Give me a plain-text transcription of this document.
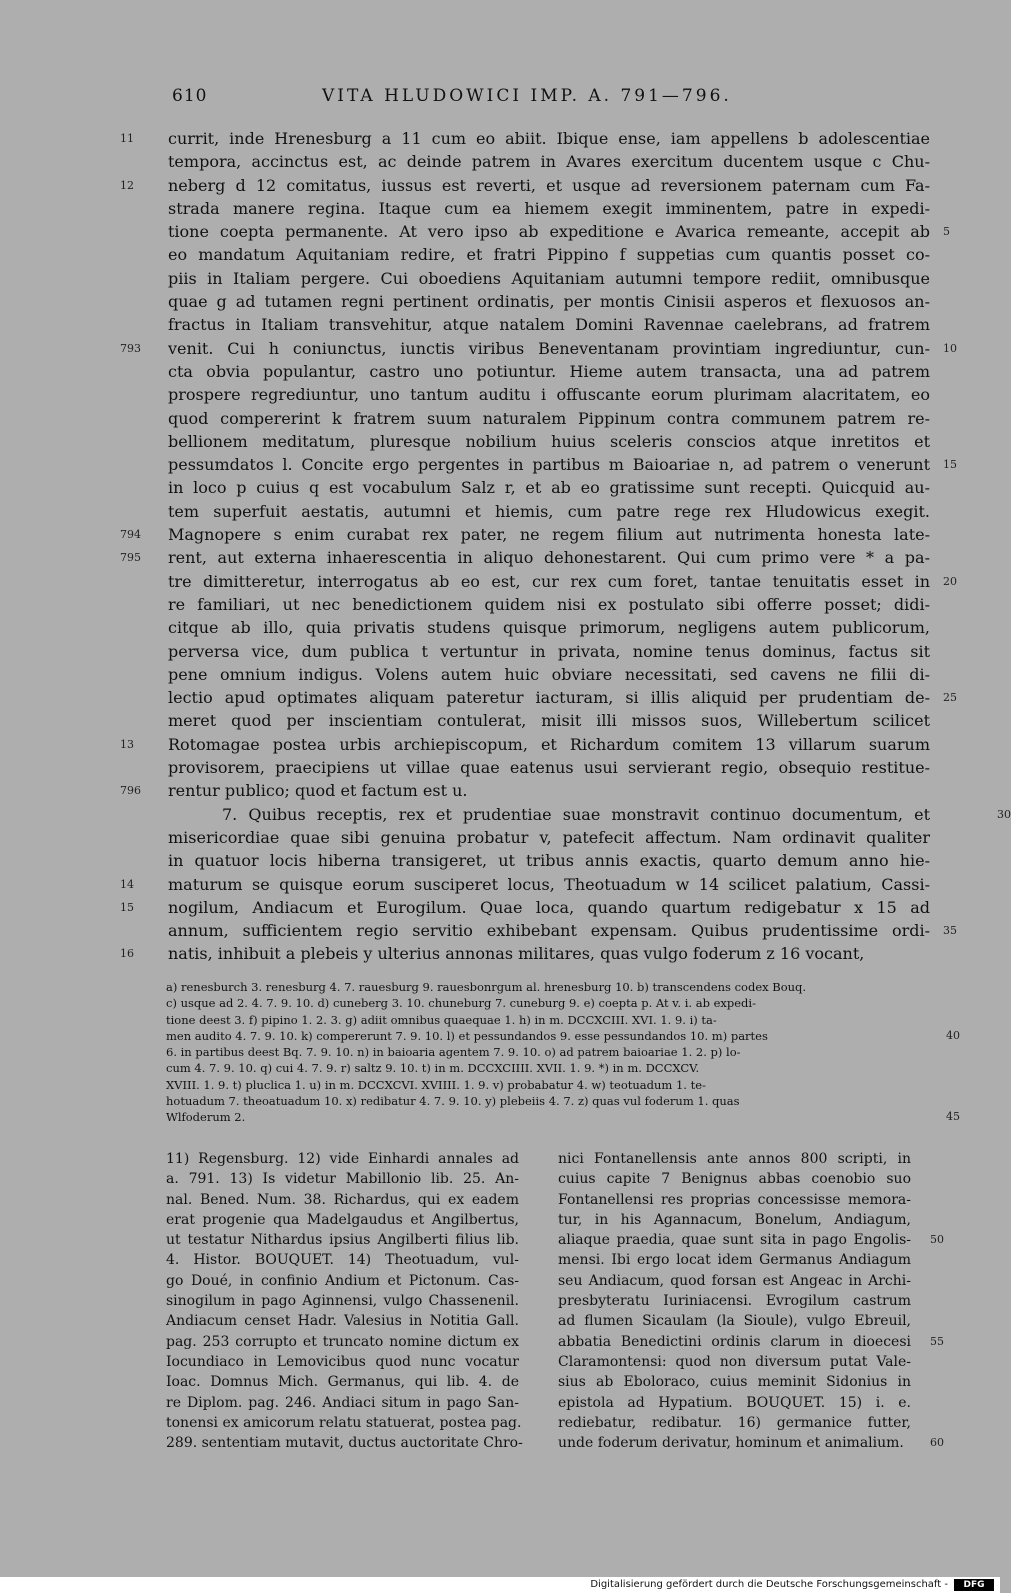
610	VITA HLUDOWICI IMP. A. 791—796.
currit, inde Hrenesburg a 11 cum eo abiit. Ibique ense, iam appellens b adolescentiae
11
tempora, accinctus est, ac deinde patrem in Avares exercitum ducentem usque c Chu-
neberg d 12 comitatus, iussus est reverti, et usque ad reversionem paternam cum Fa-
12
strada manere regina. Itaque cum ea hiemem exegit imminentem, patre in expedi-
tione coepta permanente. At vero ipso ab expeditione e Avarica remeante, accepit ab 5
eo mandatum Aquitaniam redire, et fratri Pippino f suppetias cum quantis posset co-
piis in Italiam pergere. Cui oboediens Aquitaniam autumni tempore rediit, omnibusque
quae g ad tutamen regni pertinent ordinatis, per montis Cinisii asperos et flexuosos an-
fractus in Italiam transvehitur, atque natalem Domini Ravennae caelebrans, ad fratrem
venit. Cui h coniunctus, iunctis viribus Beneventanam provintiam ingrediuntur, cun-
793	10
cta obvia populantur, castro uno potiuntur. Hieme autem transacta, una ad patrem
prospere regrediuntur, uno tantum auditu i offuscante eorum plurimam alacritatem, eo
quod compererint k fratrem suum naturalem Pippinum contra communem patrem re-
bellionem meditatum, pluresque nobilium huius sceleris conscios atque inretitos et
pessumdatos l. Concite ergo pergentes in partibus m Baioariae n, ad patrem o venerunt 15
in loco p cuius q est vocabulum Salz r, et ab eo gratissime sunt recepti. Quicquid au-
tem superfuit aestatis, autumni et hiemis, cum patre rege rex Hludowicus exegit.
Magnopere s enim curabat rex pater, ne regem filium aut nutrimenta honesta late-
794
rent, aut externa inhaerescentia in aliquo dehonestarent. Qui cum primo vere * a pa-
795
tre dimitteretur, interrogatus ab eo est, cur rex cum foret, tantae tenuitatis esset in 20
re familiari, ut nec benedictionem quidem nisi ex postulato sibi offerre posset; didi-
citque ab illo, quia privatis studens quisque primorum, negligens autem publicorum,
perversa vice, dum publica t vertuntur in privata, nomine tenus dominus, factus sit
pene omnium indigus. Volens autem huic obviare necessitati, sed cavens ne filii di-
lectio apud optimates aliquam pateretur iacturam, si illis aliquid per prudentiam de- 25
meret quod per inscientiam contulerat, misit illi missos suos, Willebertum scilicet
Rotomagae postea urbis archiepiscopum, et Richardum comitem 13 villarum suarum
13
provisorem, praecipiens ut villae quae eatenus usui servierant regio, obsequio restitue-
rentur publico; quod et factum est u.
796
7. Quibus receptis, rex et prudentiae suae monstravit continuo documentum, et	30
misericordiae quae sibi genuina probatur v, patefecit affectum. Nam ordinavit qualiter
in quatuor locis hiberna transigeret, ut tribus annis exactis, quarto demum anno hie-
maturum se quisque eorum susciperet locus, Theotuadum w 14 scilicet palatium, Cassi-
14
nogilum, Andiacum et Eurogilum. Quae loca, quando quartum redigebatur x 15 ad
15
annum, sufficientem regio servitio exhibebant expensam. Quibus prudentissime ordi- 35
natis, inhibuit a plebeis y ulterius annonas militares, quas vulgo foderum z 16 vocant,
16
a) renesburch 3. renesburg 4. 7. rauesburg 9. rauesbonrgum al. hrenesburg 10. b) transcendens codex Bouq.
c) usque ad 2. 4. 7. 9. 10. d) cuneberg 3. 10. chuneburg 7. cuneburg 9. e) coepta p. At v. i. ab expedi-
tione deest 3. f) pipino 1. 2. 3. g) adiit omnibus quaequae 1. h) in m. DCCXCIII. XVI. 1. 9. i) ta-
men audito 4. 7. 9. 10. k) compererunt 7. 9. 10. l) et pessundandos 9. esse pessundandos 10. m) partes	40
6. in partibus deest Bq. 7. 9. 10. n) in baioaria agentem 7. 9. 10. o) ad patrem baioariae 1. 2. p) lo-
cum 4. 7. 9. 10. q) cui 4. 7. 9. r) saltz 9. 10. t) in m. DCCXCIIII. XVII. 1. 9. *) in m. DCCXCV.
XVIII. 1. 9. t) pluclica 1. u) in m. DCCXCVI. XVIIII. 1. 9. v) probabatur 4. w) teotuadum 1. te-
hotuadum 7. theoatuadum 10. x) redibatur 4. 7. 9. 10. y) plebeiis 4. 7. z) quas vul foderum 1. quas
Wlfoderum 2.	45
11) Regensburg. 12) vide Einhardi annales ad
a. 791. 13) Is videtur Mabillonio lib. 25. An-
nal. Bened. Num. 38. Richardus, qui ex eadem
erat progenie qua Madelgaudus et Angilbertus,
ut testatur Nithardus ipsius Angilberti filius lib.
4. Histor. BOUQUET. 14) Theotuadum, vul-
go Doué, in confinio Andium et Pictonum. Cas-
sinogilum in pago Aginnensi, vulgo Chassenenil.
Andiacum censet Hadr. Valesius in Notitia Gall.
pag. 253 corrupto et truncato nomine dictum ex
Iocundiaco in Lemovicibus quod nunc vocatur
Ioac. Domnus Mich. Germanus, qui lib. 4. de
re Diplom. pag. 246. Andiaci situm in pago San-
tonensi ex amicorum relatu statuerat, postea pag.
289. sententiam mutavit, ductus auctoritate Chro-
nici Fontanellensis ante annos 800 scripti, in
cuius capite 7 Benignus abbas coenobio suo
Fontanellensi res proprias concessisse memora-
tur, in his Agannacum, Bonelum, Andiagum,
aliaque praedia, quae sunt sita in pago Engolis- 50
mensi. Ibi ergo locat idem Germanus Andiagum
seu Andiacum, quod forsan est Angeac in Archi-
presbyteratu Iuriniacensi. Evrogilum castrum
ad flumen Sicaulam (la Sioule), vulgo Ebreuil,
abbatia Benedictini ordinis clarum in dioecesi 55
Claramontensi: quod non diversum putat Vale-
sius ab Eboloraco, cuius meminit Sidonius in
epistola ad Hypatium. BOUQUET. 15) i. e.
rediebatur, redibatur. 16) germanice futter,
unde foderum derivatur, hominum et animalium. 60
Digitalisierung gefördert durch die Deutsche Forschungsgemeinschaft -	DFG
